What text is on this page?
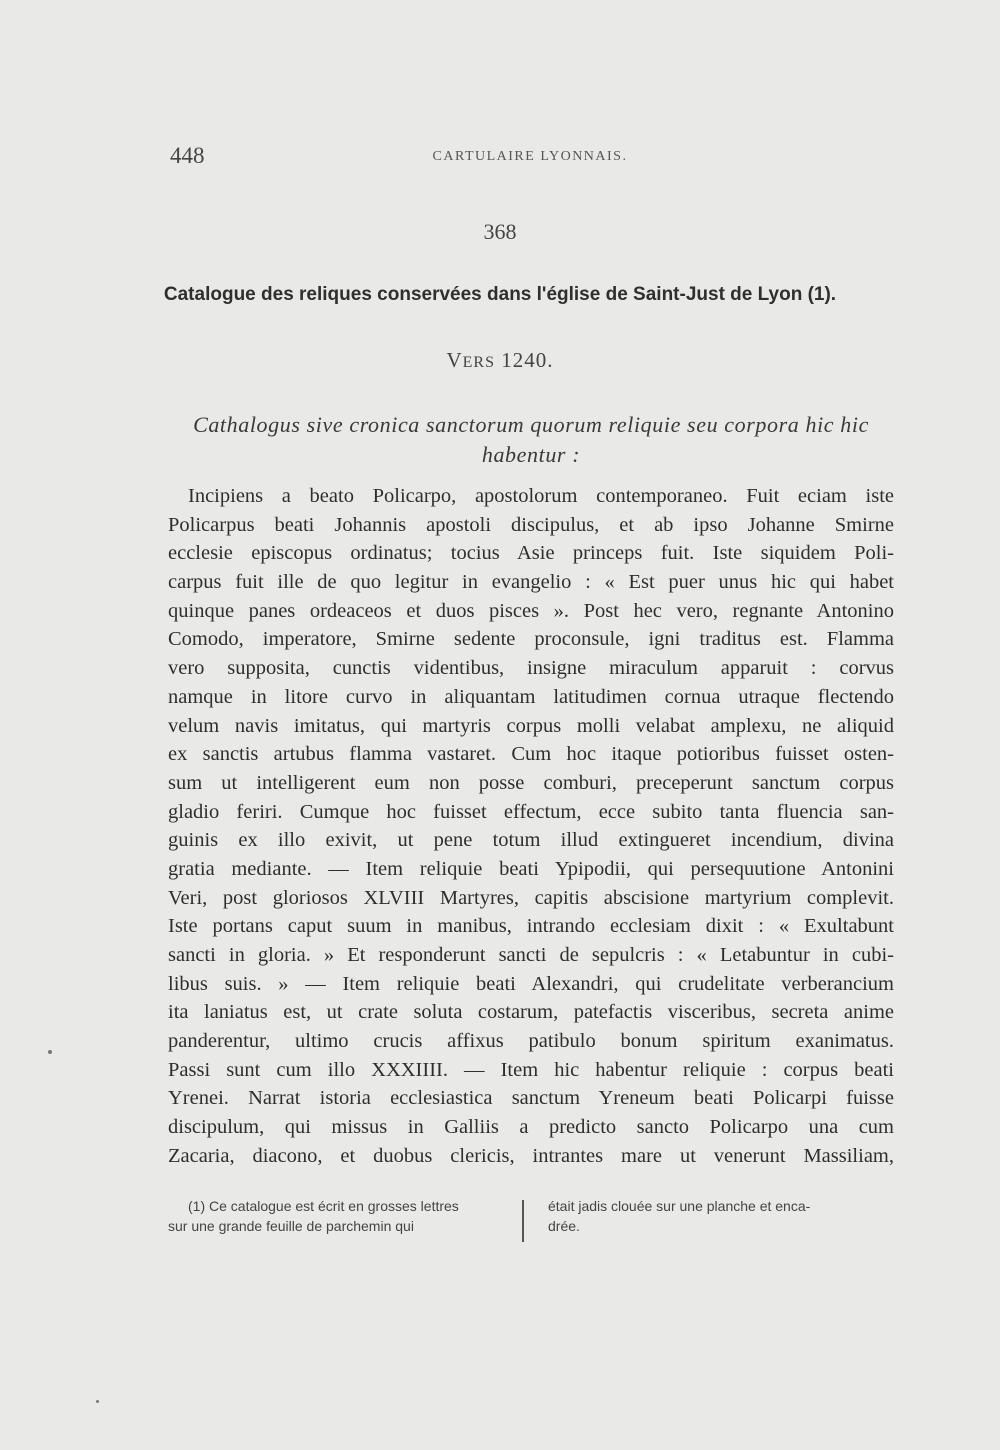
448	CARTULAIRE LYONNAIS.
368
Catalogue des reliques conservées dans l'église de Saint-Just de Lyon (1).
VERS 1240.
Cathalogus sive cronica sanctorum quorum reliquie seu corpora hic hic
habentur :
Incipiens a beato Policarpo, apostolorum contemporaneo. Fuit eciam iste
Policarpus beati Johannis apostoli discipulus, et ab ipso Johanne Smirne
ecclesie episcopus ordinatus; tocius Asie princeps fuit. Iste siquidem Poli-
carpus fuit ille de quo legitur in evangelio : « Est puer unus hic qui habet
quinque panes ordeaceos et duos pisces ». Post hec vero, regnante Antonino
Comodo, imperatore, Smirne sedente proconsule, igni traditus est. Flamma
vero supposita, cunctis videntibus, insigne miraculum apparuit : corvus
namque in litore curvo in aliquantam latitudimen cornua utraque flectendo
velum navis imitatus, qui martyris corpus molli velabat amplexu, ne aliquid
ex sanctis artubus flamma vastaret. Cum hoc itaque potioribus fuisset osten-
sum ut intelligerent eum non posse comburi, preceperunt sanctum corpus
gladio feriri. Cumque hoc fuisset effectum, ecce subito tanta fluencia san-
guinis ex illo exivit, ut pene totum illud extingueret incendium, divina
gratia mediante. — Item reliquie beati Ypipodii, qui persequutione Antonini
Veri, post gloriosos XLVIII Martyres, capitis abscisione martyrium complevit.
Iste portans caput suum in manibus, intrando ecclesiam dixit : « Exultabunt
sancti in gloria. » Et responderunt sancti de sepulcris : « Letabuntur in cubi-
libus suis. » — Item reliquie beati Alexandri, qui crudelitate verberancium
ita laniatus est, ut crate soluta costarum, patefactis visceribus, secreta anime
panderentur, ultimo crucis affixus patibulo bonum spiritum exanimatus.
Passi sunt cum illo XXXIIII. — Item hic habentur reliquie : corpus beati
Yrenei. Narrat istoria ecclesiastica sanctum Yreneum beati Policarpi fuisse
discipulum, qui missus in Galliis a predicto sancto Policarpo una cum
Zacaria, diacono, et duobus clericis, intrantes mare ut venerunt Massiliam,
(1) Ce catalogue est écrit en grosses lettres
sur une grande feuille de parchemin qui
était jadis clouée sur une planche et enca-
drée.
